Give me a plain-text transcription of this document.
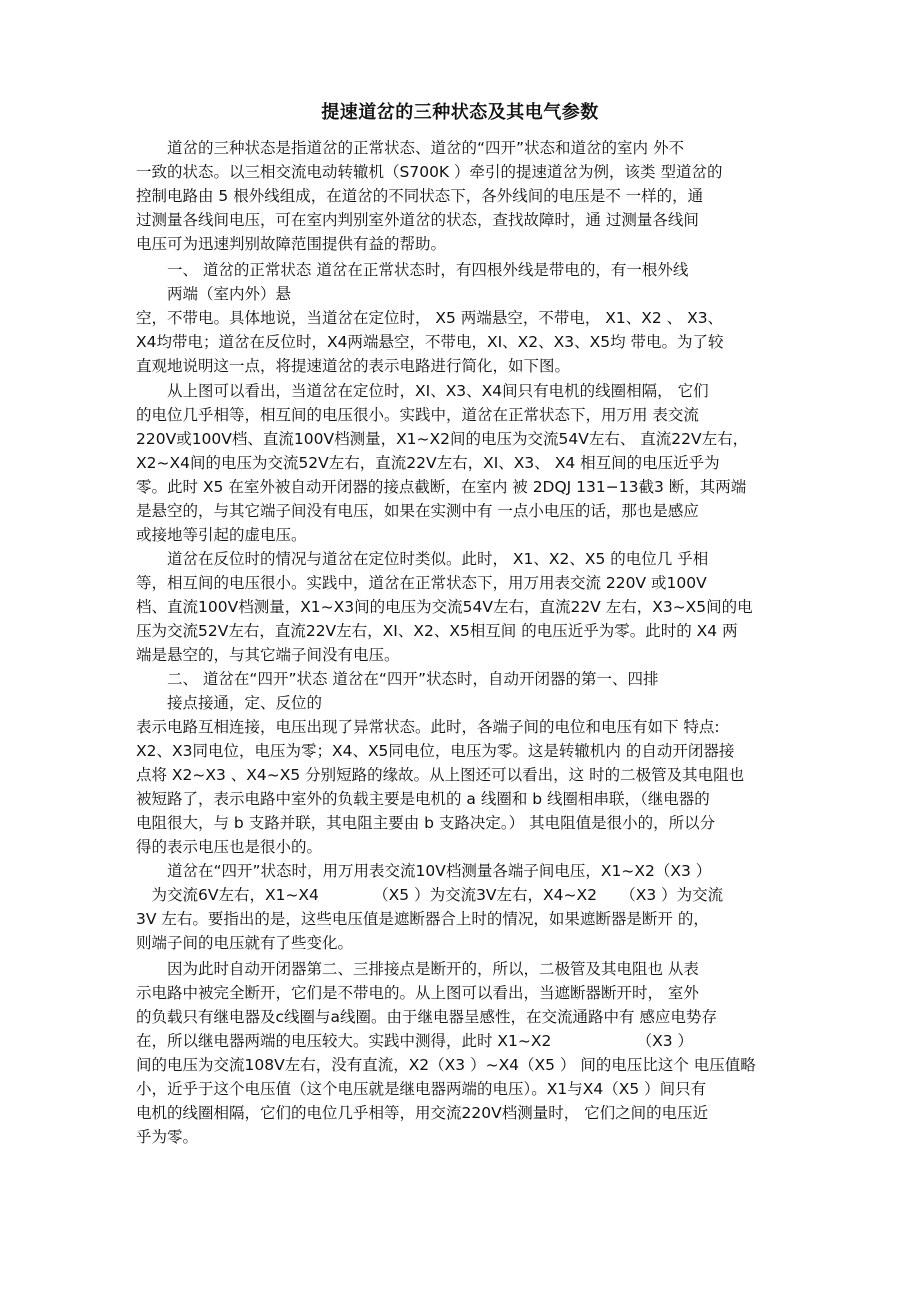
提速道岔的三种状态及其电气参数
　　道岔的三种状态是指道岔的正常状态、道岔的“四开”状态和道岔的室内 外不
一致的状态。以三相交流电动转辙机（S700K ）牵引的提速道岔为例，该类 型道岔的
控制电路由 5 根外线组成，在道岔的不同状态下，各外线间的电压是不 一样的，通
过测量各线间电压，可在室内判别室外道岔的状态，查找故障时，通 过测量各线间
电压可为迅速判别故障范围提供有益的帮助。
　　一、 道岔的正常状态 道岔在正常状态时，有四根外线是带电的，有一根外线
　　两端（室内外）悬
空，不带电。具体地说，当道岔在定位时， X5 两端悬空，不带电， X1、X2 、 X3、
X4均带电；道岔在反位时，X4两端悬空，不带电，XI、X2、X3、X5均 带电。为了较
直观地说明这一点，将提速道岔的表示电路进行简化，如下图。
　　从上图可以看出，当道岔在定位时，XI、X3、X4间只有电机的线圈相隔， 它们
的电位几乎相等，相互间的电压很小。实践中，道岔在正常状态下，用万用 表交流
220V或100V档、直流100V档测量，X1~X2间的电压为交流54V左右、 直流22V左右，
X2~X4间的电压为交流52V左右，直流22V左右，XI、X3、 X4 相互间的电压近乎为
零。此时 X5 在室外被自动开闭器的接点截断，在室内 被 2DQJ 131−13截3 断，其两端
是悬空的，与其它端子间没有电压，如果在实测中有 一点小电压的话，那也是感应
或接地等引起的虚电压。
　　道岔在反位时的情况与道岔在定位时类似。此时， X1、X2、X5 的电位几 乎相
等，相互间的电压很小。实践中，道岔在正常状态下，用万用表交流 220V 或100V
档、直流100V档测量，X1~X3间的电压为交流54V左右，直流22V 左右，X3~X5间的电
压为交流52V左右，直流22V左右，XI、X2、X5相互间 的电压近乎为零。此时的 X4 两
端是悬空的，与其它端子间没有电压。
　　二、 道岔在“四开”状态 道岔在“四开”状态时，自动开闭器的第一、四排
　　接点接通，定、反位的
表示电路互相连接，电压出现了异常状态。此时，各端子间的电位和电压有如下 特点:
X2、X3同电位，电压为零；X4、X5同电位，电压为零。这是转辙机内 的自动开闭器接
点将 X2~X3 、X4~X5 分别短路的缘故。从上图还可以看出，这 时的二极管及其电阻也
被短路了，表示电路中室外的负载主要是电机的 a 线圈和 b 线圈相串联，（继电器的
电阻很大，与 b 支路并联，其电阻主要由 b 支路决定。） 其电阻值是很小的，所以分
得的表示电压也是很小的。
　　道岔在“四开”状态时，用万用表交流10V档测量各端子间电压，X1~X2（X3 ）
　为交流6V左右，X1~X4　　　　（X5 ）为交流3V左右，X4~X2　　（X3 ）为交流
3V 左右。要指出的是，这些电压值是遮断器合上时的情况，如果遮断器是断开 的，
则端子间的电压就有了些变化。
　　因为此时自动开闭器第二、三排接点是断开的，所以，二极管及其电阻也 从表
示电路中被完全断开，它们是不带电的。从上图可以看出，当遮断器断开时， 室外
的负载只有继电器及c线圈与a线圈。由于继电器呈感性，在交流通路中有 感应电势存
在，所以继电器两端的电压较大。实践中测得，此时 X1~X2　　　　　　（X3 ）
间的电压为交流108V左右，没有直流，X2（X3 ）~X4（X5 ） 间的电压比这个 电压值略
小，近乎于这个电压值（这个电压就是继电器两端的电压）。X1与X4（X5 ）间只有
电机的线圈相隔，它们的电位几乎相等，用交流220V档测量时， 它们之间的电压近
乎为零。
